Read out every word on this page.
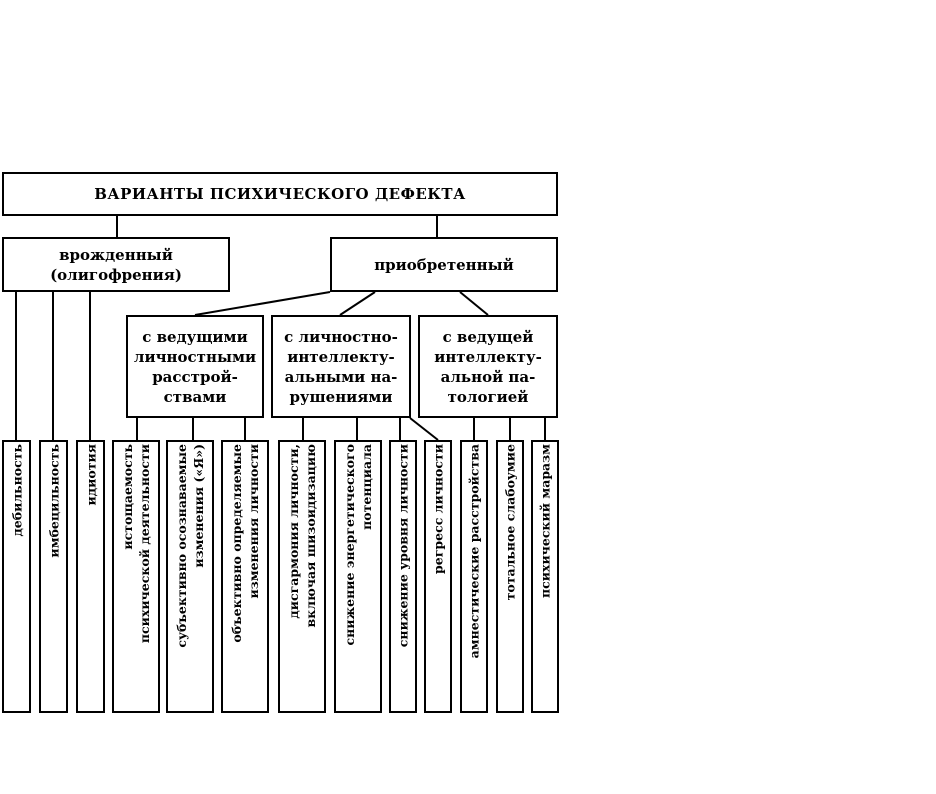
ВАРИАНТЫ ПСИХИЧЕСКОГО ДЕФЕКТА
врожденный
(олигофрения)
приобретенный
с ведущими
личностными
расстрой-
ствами
с личностно-
интеллекту-
альными на-
рушениями
с ведущей
интеллекту-
альной па-
тологией
дебильность имбецильность идиотия истощаемость
психической деятельности
субъективно осознаваемые
изменения («Я»)
объективно определяемые
изменения личности
дисгармония личности,
включая шизоидизацию
снижение энергетического
потенциала снижение уровня личности регресс личности амнестические расстройства тотальное слабоумие психический маразм
